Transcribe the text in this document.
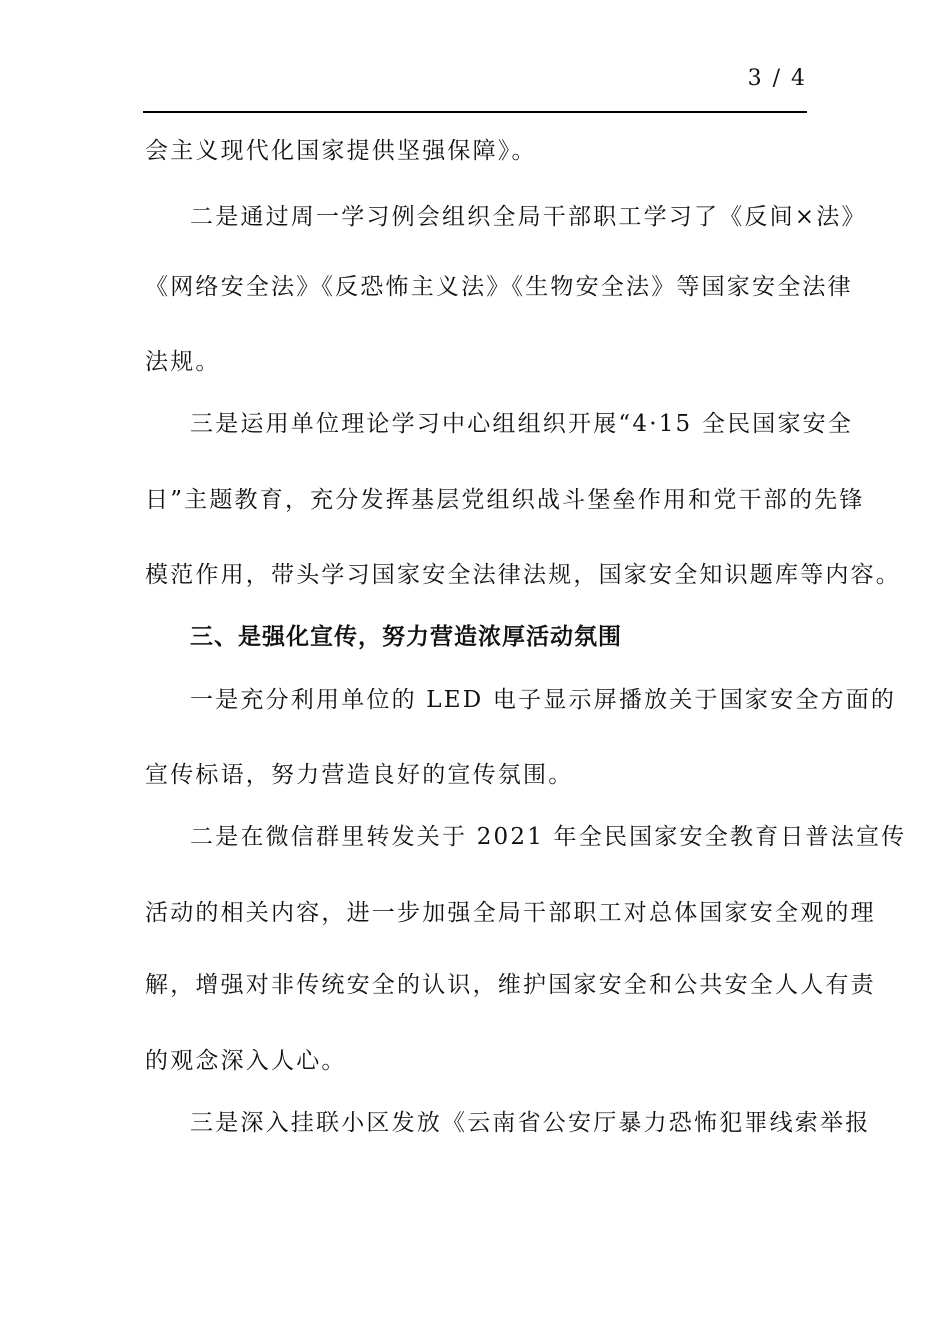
3 / 4
会主义现代化国家提供坚强保障》。
二是通过周一学习例会组织全局干部职工学习了《反间×法》
《网络安全法》《反恐怖主义法》《生物安全法》等国家安全法律
法规。
三是运用单位理论学习中心组组织开展“4·15 全民国家安全
日”主题教育，充分发挥基层党组织战斗堡垒作用和党干部的先锋
模范作用，带头学习国家安全法律法规，国家安全知识题库等内容。
三、是强化宣传，努力营造浓厚活动氛围
一是充分利用单位的 LED 电子显示屏播放关于国家安全方面的
宣传标语，努力营造良好的宣传氛围。
二是在微信群里转发关于 2021 年全民国家安全教育日普法宣传
活动的相关内容，进一步加强全局干部职工对总体国家安全观的理
解，增强对非传统安全的认识，维护国家安全和公共安全人人有责
的观念深入人心。
三是深入挂联小区发放《云南省公安厅暴力恐怖犯罪线索举报
